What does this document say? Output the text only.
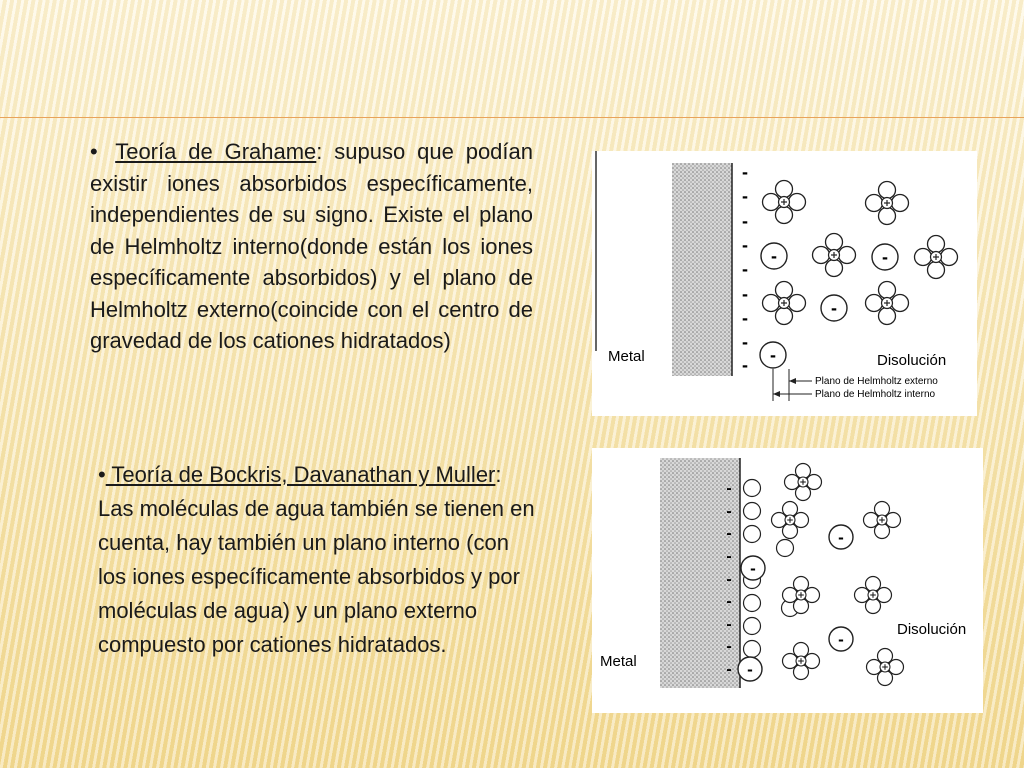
• Teoría de Grahame: supuso que podían existir iones absorbidos específicamente, independientes de su signo. Existe el plano de Helmholtz interno(donde están los iones específicamente absorbidos) y el plano de Helmholtz externo(coincide con el centro de gravedad de los cationes hidratados)
• Teoría de Bockris, Davanathan y Muller: Las moléculas de agua también se tienen en cuenta, hay también un plano interno (con los iones específicamente absorbidos y por moléculas de agua) y un plano externo compuesto por cationes hidratados.
-
-
-
-
-
-
-
-
-
-	-
-
-
Metal	Disolución
Plano de Helmholtz externo
Plano de Helmholtz interno
-
-
-
-
-
-
-
-
-
-
-
-
-
Metal
Disolución
